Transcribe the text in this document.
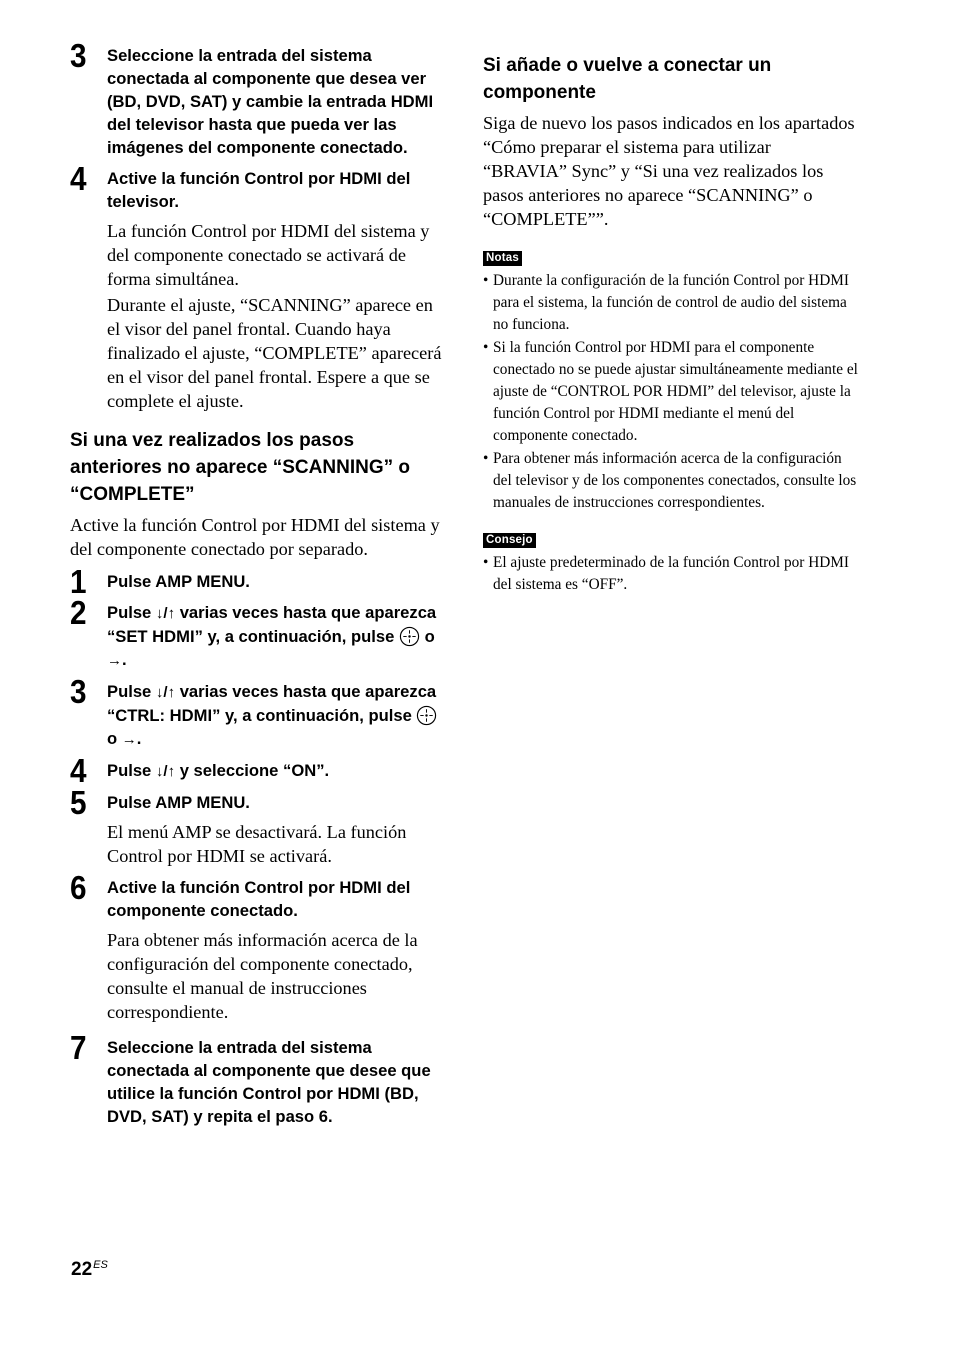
3 Seleccione la entrada del sistema conectada al componente que desea ver (BD, DVD, SAT) y cambie la entrada HDMI del televisor hasta que pueda ver las imágenes del componente conectado.
4 Active la función Control por HDMI del televisor.

La función Control por HDMI del sistema y del componente conectado se activará de forma simultánea.

Durante el ajuste, “SCANNING” aparece en el visor del panel frontal. Cuando haya finalizado el ajuste, “COMPLETE” aparecerá en el visor del panel frontal. Espere a que se complete el ajuste.

Si una vez realizados los pasos anteriores no aparece “SCANNING” o “COMPLETE”

Active la función Control por HDMI del sistema y del componente conectado por separado.

1 Pulse AMP MENU.
2 Pulse ↓/↑ varias veces hasta que aparezca “SET HDMI” y, a continuación, pulse o →.
3 Pulse ↓/↑ varias veces hasta que aparezca “CTRL: HDMI” y, a continuación, pulse  o →.
4 Pulse ↓/↑ y seleccione “ON”.
5 Pulse AMP MENU.
El menú AMP se desactivará. La función Control por HDMI se activará.
6 Active la función Control por HDMI del componente conectado.
Para obtener más información acerca de la configuración del componente conectado, consulte el manual de instrucciones correspondiente.
7 Seleccione la entrada del sistema conectada al componente que desee que utilice la función Control por HDMI (BD, DVD, SAT) y repita el paso 6.
Si añade o vuelve a conectar un componente

Siga de nuevo los pasos indicados en los apartados “Cómo preparar el sistema para utilizar “BRAVIA” Sync” y “Si una vez realizados los pasos anteriores no aparece “SCANNING” o “COMPLETE””.

Notas
• Durante la configuración de la función Control por HDMI para el sistema, la función de control de audio del sistema no funciona.
• Si la función Control por HDMI para el componente conectado no se puede ajustar simultáneamente mediante el ajuste de “CONTROL POR HDMI” del televisor, ajuste la función Control por HDMI mediante el menú del componente conectado.
• Para obtener más información acerca de la configuración del televisor y de los componentes conectados, consulte los manuales de instrucciones correspondientes.
Consejo
• El ajuste predeterminado de la función Control por HDMI del sistema es “OFF”.
$22^{ES}$
